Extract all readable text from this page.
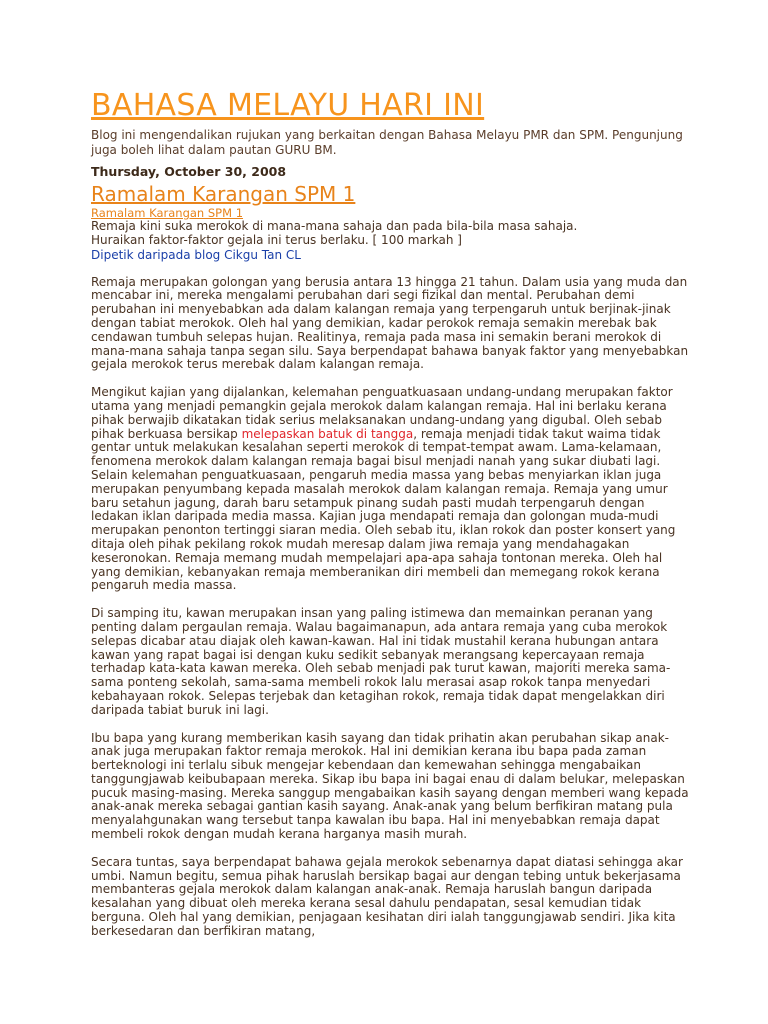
BAHASA MELAYU HARI INI

Blog ini mengendalikan rujukan yang berkaitan dengan Bahasa Melayu PMR dan SPM. Pengunjung juga boleh lihat dalam pautan GURU BM.

Thursday, October 30, 2008
Ramalam Karangan SPM 1
Ramalam Karangan SPM 1

Remaja kini suka merokok di mana-mana sahaja dan pada bila-bila masa sahaja.

Huraikan faktor-faktor gejala ini terus berlaku. [ 100 markah ]

Dipetik daripada blog Cikgu Tan CL

Remaja merupakan golongan yang berusia antara 13 hingga 21 tahun. Dalam usia yang muda dan mencabar ini, mereka mengalami perubahan dari segi fizikal dan mental. Perubahan demi perubahan ini menyebabkan ada dalam kalangan remaja yang terpengaruh untuk berjinak-jinak dengan tabiat merokok. Oleh hal yang demikian, kadar perokok remaja semakin merebak bak cendawan tumbuh selepas hujan. Realitinya, remaja pada masa ini semakin berani merokok di mana-mana sahaja tanpa segan silu. Saya berpendapat bahawa banyak faktor yang menyebabkan gejala merokok terus merebak dalam kalangan remaja.

Mengikut kajian yang dijalankan, kelemahan penguatkuasaan undang-undang merupakan faktor utama yang menjadi pemangkin gejala merokok dalam kalangan remaja. Hal ini berlaku kerana pihak berwajib dikatakan tidak serius melaksanakan undang-undang yang digubal. Oleh sebab pihak berkuasa bersikap melepaskan batuk di tangga, remaja menjadi tidak takut waima tidak gentar untuk melakukan kesalahan seperti merokok di tempat-tempat awam. Lama-kelamaan, fenomena merokok dalam kalangan remaja bagai bisul menjadi nanah yang sukar diubati lagi.

Selain kelemahan penguatkuasaan, pengaruh media massa yang bebas menyiarkan iklan juga merupakan penyumbang kepada masalah merokok dalam kalangan remaja. Remaja yang umur baru setahun jagung, darah baru setampuk pinang sudah pasti mudah terpengaruh dengan ledakan iklan daripada media massa. Kajian juga mendapati remaja dan golongan muda-mudi merupakan penonton tertinggi siaran media. Oleh sebab itu, iklan rokok dan poster konsert yang ditaja oleh pihak pekilang rokok mudah meresap dalam jiwa remaja yang mendahagakan keseronokan. Remaja memang mudah mempelajari apa-apa sahaja tontonan mereka. Oleh hal yang demikian, kebanyakan remaja memberanikan diri membeli dan memegang rokok kerana pengaruh media massa.

Di samping itu, kawan merupakan insan yang paling istimewa dan memainkan peranan yang penting dalam pergaulan remaja. Walau bagaimanapun, ada antara remaja yang cuba merokok selepas dicabar atau diajak oleh kawan-kawan. Hal ini tidak mustahil kerana hubungan antara kawan yang rapat bagai isi dengan kuku sedikit sebanyak merangsang kepercayaan remaja terhadap kata-kata kawan mereka. Oleh sebab menjadi pak turut kawan, majoriti mereka sama-sama ponteng sekolah, sama-sama membeli rokok lalu merasai asap rokok tanpa menyedari kebahayaan rokok. Selepas terjebak dan ketagihan rokok, remaja tidak dapat mengelakkan diri daripada tabiat buruk ini lagi.

Ibu bapa yang kurang memberikan kasih sayang dan tidak prihatin akan perubahan sikap anak-anak juga merupakan faktor remaja merokok. Hal ini demikian kerana ibu bapa pada zaman berteknologi ini terlalu sibuk mengejar kebendaan dan kemewahan sehingga mengabaikan tanggungjawab keibubapaan mereka. Sikap ibu bapa ini bagai enau di dalam belukar, melepaskan pucuk masing-masing. Mereka sanggup mengabaikan kasih sayang dengan memberi wang kepada anak-anak mereka sebagai gantian kasih sayang. Anak-anak yang belum berfikiran matang pula menyalahgunakan wang tersebut tanpa kawalan ibu bapa. Hal ini menyebabkan remaja dapat membeli rokok dengan mudah kerana harganya masih murah.

Secara tuntas, saya berpendapat bahawa gejala merokok sebenarnya dapat diatasi sehingga akar umbi. Namun begitu, semua pihak haruslah bersikap bagai aur dengan tebing untuk bekerjasama membanteras gejala merokok dalam kalangan anak-anak. Remaja haruslah bangun daripada kesalahan yang dibuat oleh mereka kerana sesal dahulu pendapatan, sesal kemudian tidak berguna. Oleh hal yang demikian, penjagaan kesihatan diri ialah tanggungjawab sendiri. Jika kita berkesedaran dan berfikiran matang,
